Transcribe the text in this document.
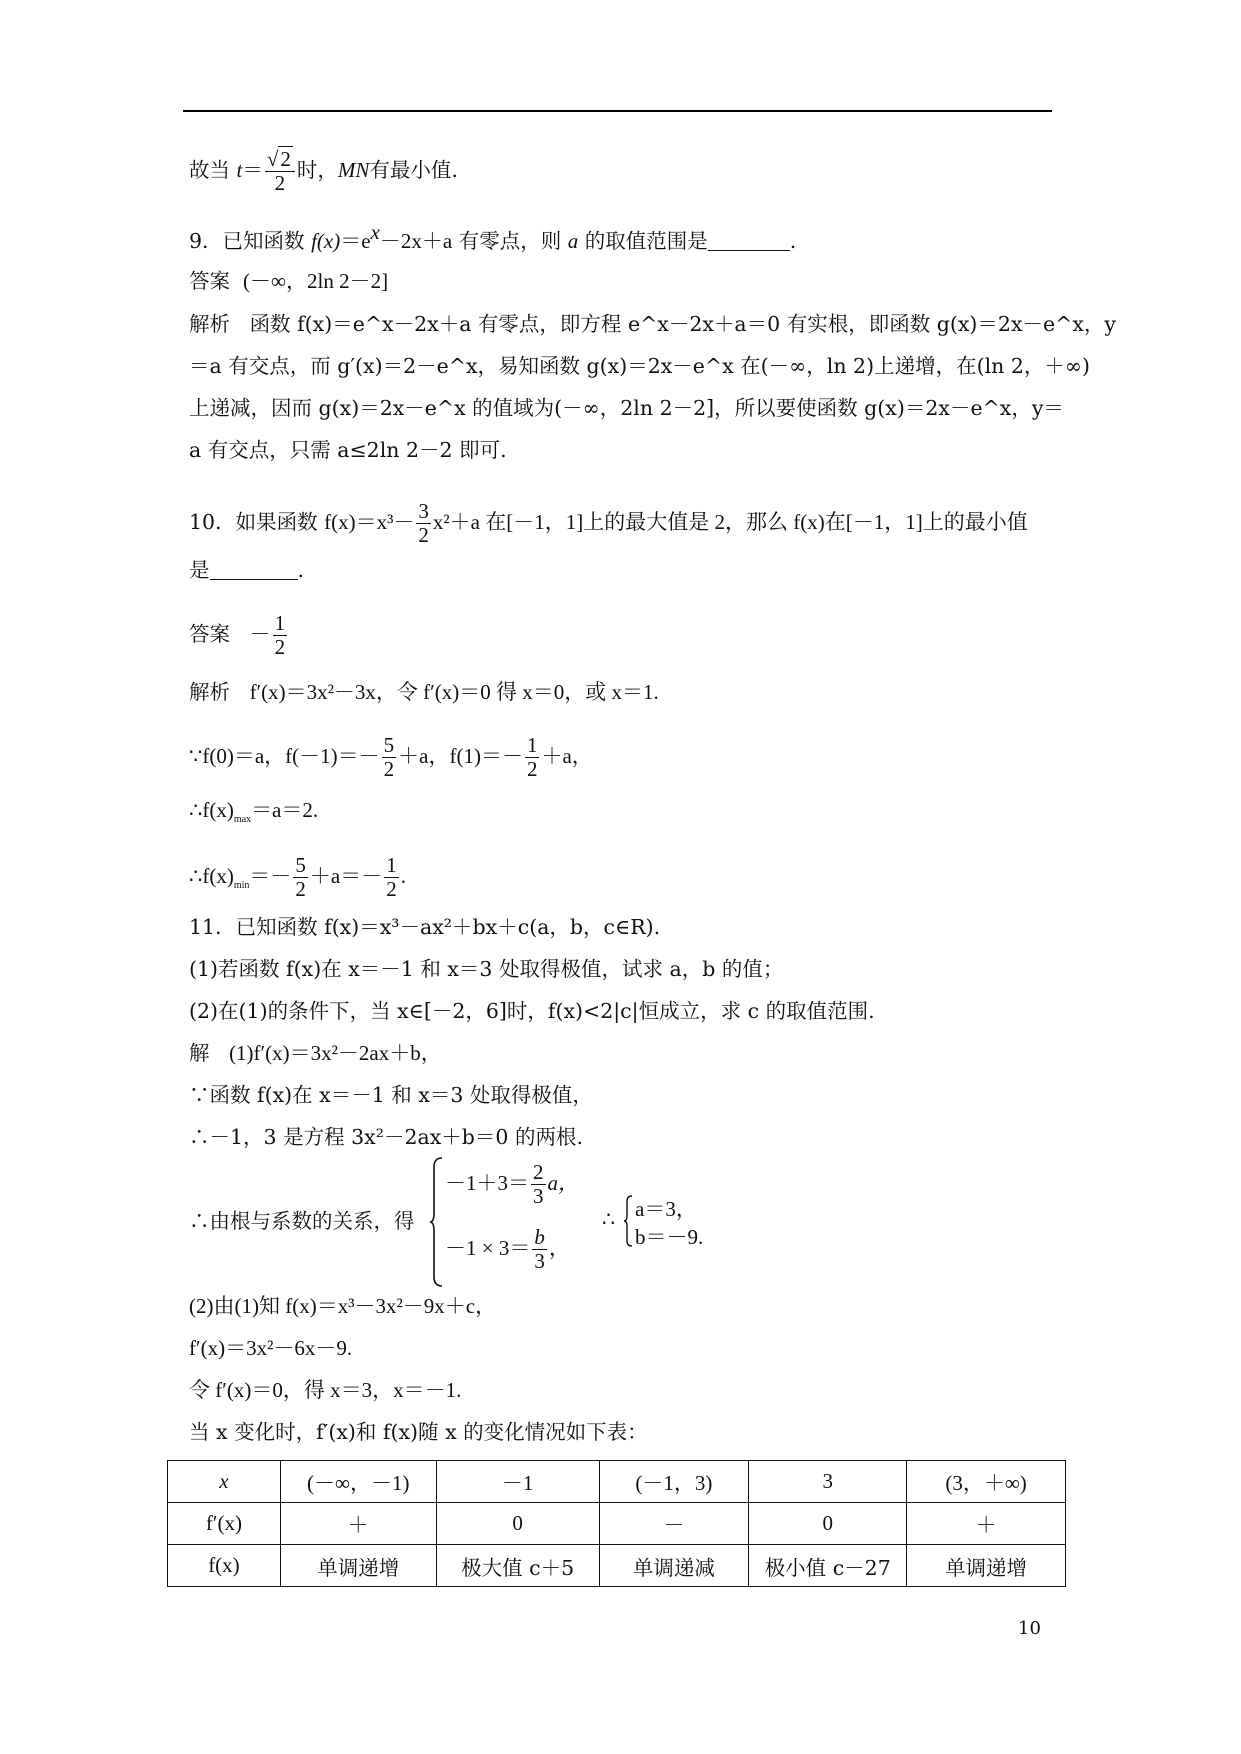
故当 $t= \frac{√2}{2}$ 时，MN有最小值.
9．已知函数 $f(x)=e^x-2x+a$ 有零点，则 a 的取值范围是	.
答案 (－∞，2ln 2－2]
解析 函数 f(x)＝e^x－2x＋a 有零点，即方程 e^x－2x＋a＝0 有实根，即函数 g(x)＝2x－e^x，y
＝a 有交点，而 g′(x)＝2－e^x，易知函数 g(x)＝2x－e^x 在(－∞，ln 2)上递增，在(ln 2，＋∞)
上递减，因而 g(x)＝2x－e^x 的值域为(－∞，2ln 2－2]，所以要使函数 g(x)＝2x－e^x，y＝
a 有交点，只需 a≤2ln 2－2 即可.
10．如果函数 $f(x)=x^3- \frac{3}{2} x^2+a$ 在[－1，1]上的最大值是 2，那么 f(x)在[－1，1]上的最小值
是	.
答案 － $\frac{1}{2}$
解析 f′(x)＝3x²－3x，令 f′(x)＝0 得 x＝0，或 x＝1.
∵f(0)＝a，$f(-1)=- \frac{5}{2} +a$，$f(1)=- \frac{1}{2} +a$，
$\therefore f(x)_{max}=a=2$.
$\therefore f(x)_{min}=- \frac{5}{2} +a=- \frac{1}{2}$ .
11．已知函数 f(x)＝x³－ax²＋bx＋c(a，b，c∈R).
(1)若函数 f(x)在 x＝－1 和 x＝3 处取得极值，试求 a，b 的值；
(2)在(1)的条件下，当 x∈[－2，6]时，f(x)<2|c|恒成立，求 c 的取值范围.
解 (1)f′(x)＝3x²－2ax＋b，
∵函数 f(x)在 x＝－1 和 x＝3 处取得极值，
∴－1，3 是方程 3x²－2ax＋b＝0 的两根.
∴由根与系数的关系，得
$-1+3= \frac{2}{3}$ a，
$-1 \times 3= \frac{b}{3}$ ，
∴ a＝3，
b＝－9.
(2)由(1)知 f(x)＝x³－3x²－9x＋c，
f′(x)＝3x²－6x－9.
令 f′(x)＝0，得 x＝3，x＝－1.
当 x 变化时，f′(x)和 f(x)随 x 的变化情况如下表：
x	(－∞，－1)	－1	(－1，3)	3	(3，＋∞)
f′(x)	＋	0	－	0	＋
f(x)	单调递增	极大值 c＋5	单调递减	极小值 c－27	单调递增
10
